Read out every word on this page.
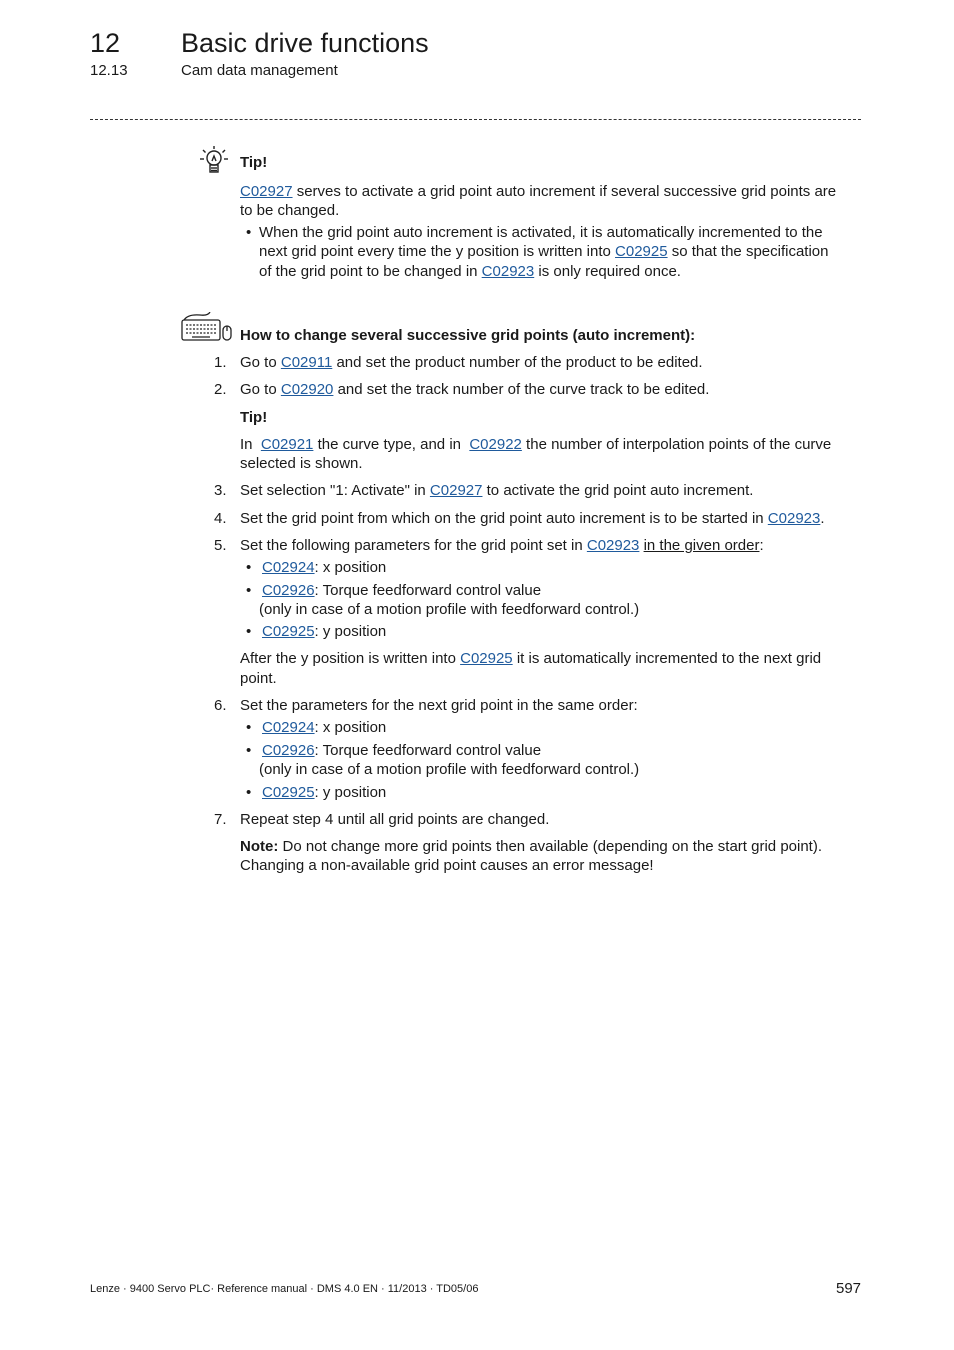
12 Basic drive functions
12.13	Cam data management
Tip!
C02927 serves to activate a grid point auto increment if several successive grid points are
to be changed.
• When the grid point auto increment is activated, it is automatically incremented to the
next grid point every time the y position is written into C02925 so that the specification
of the grid point to be changed in C02923 is only required once.
How to change several successive grid points (auto increment):
1. Go to C02911 and set the product number of the product to be edited.
2. Go to C02920 and set the track number of the curve track to be edited.
Tip!
In  C02921 the curve type, and in  C02922 the number of interpolation points of the curve
selected is shown.
3. Set selection "1: Activate" in C02927 to activate the grid point auto increment.
4. Set the grid point from which on the grid point auto increment is to be started in C02923.
5. Set the following parameters for the grid point set in C02923 in the given order:
• C02924: x position
• C02926: Torque feedforward control value
(only in case of a motion profile with feedforward control.)
• C02925: y position
After the y position is written into C02925 it is automatically incremented to the next grid
point.
6. Set the parameters for the next grid point in the same order:
• C02924: x position
• C02926: Torque feedforward control value
(only in case of a motion profile with feedforward control.)
• C02925: y position
7. Repeat step 4 until all grid points are changed.
Note: Do not change more grid points then available (depending on the start grid point).
Changing a non-available grid point causes an error message!
Lenze · 9400 Servo PLC· Reference manual · DMS 4.0 EN · 11/2013 · TD05/06	597
